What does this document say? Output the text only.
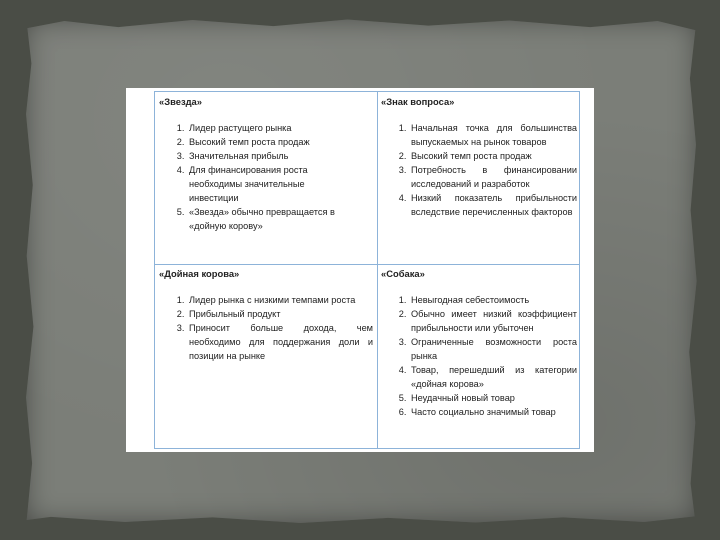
«Звезда»
1. Лидер растущего рынка
2. Высокий темп роста продаж
3. Значительная прибыль
4. Для финансирования роста необходимы значительные инвестиции
5. «Звезда» обычно превращается в «дойную корову»
«Знак вопроса»
1. Начальная точка для большинства выпускаемых на рынок товаров
2. Высокий темп роста продаж
3. Потребность в финансировании исследований и разработок
4. Низкий показатель прибыльности вследствие перечисленных факторов
«Дойная корова»
1. Лидер рынка с низкими темпами роста
2. Прибыльный продукт
3. Приносит больше дохода, чем необходимо для поддержания доли и позиции на рынке
«Собака»
1. Невыгодная себестоимость
2. Обычно имеет низкий коэффициент прибыльности или убыточен
3. Ограниченные возможности роста рынка
4. Товар, перешедший из категории «дойная корова»
5. Неудачный новый товар
6. Часто социально значимый товар
